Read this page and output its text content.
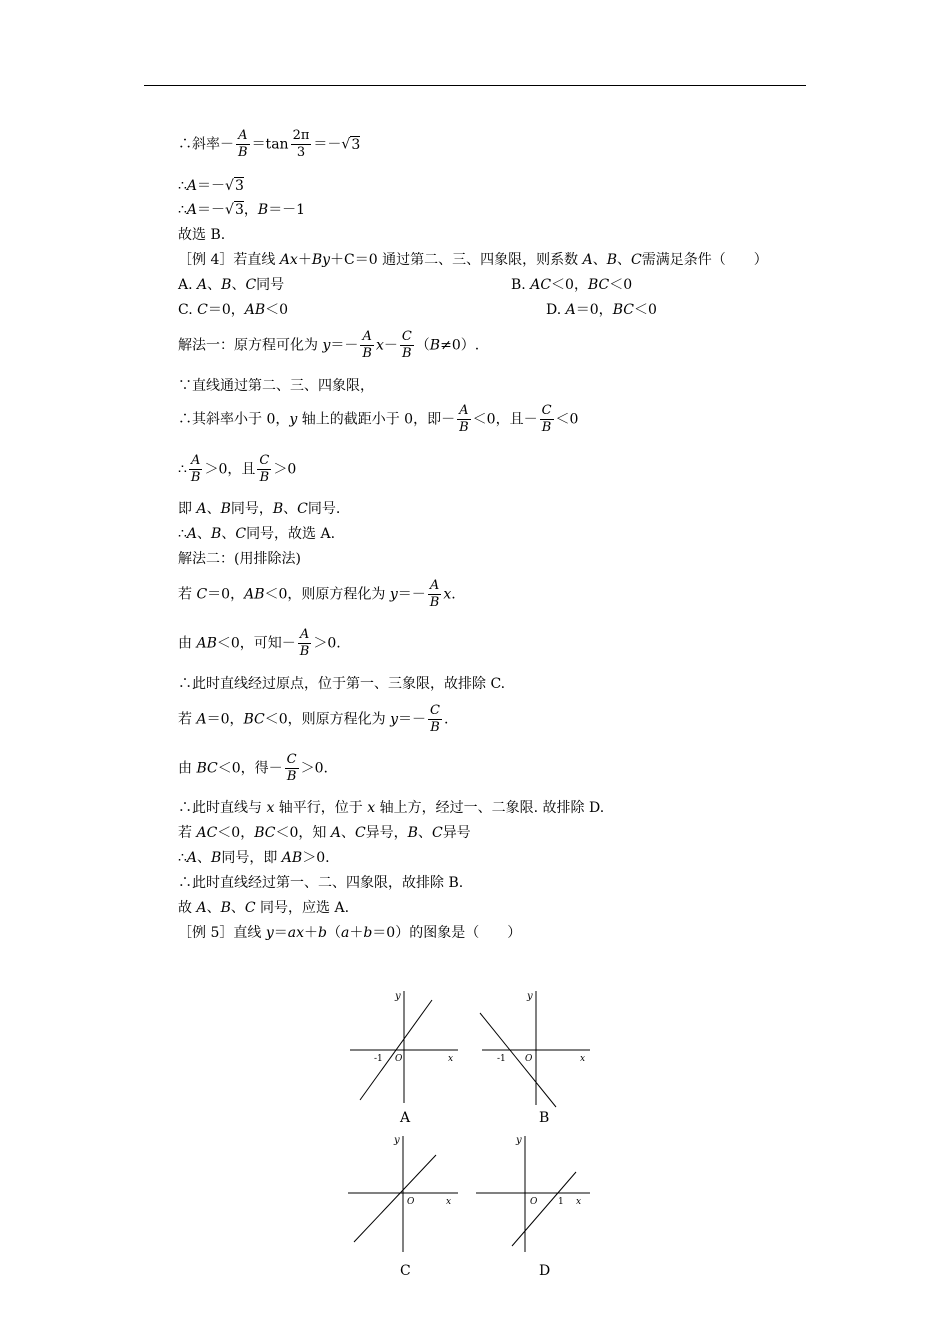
∴斜率－ $\frac{A}{B} =\tan \frac{2\pi}{3} =-√3$
∴A＝－√3
∴A＝－√3，B＝－1
故选 B.
［例 4］若直线 Ax＋By＋C＝0 通过第二、三、四象限，则系数 A、B、C需满足条件（　　）
A. A、B、C同号	B. AC＜0，BC＜0
C. C＝0，AB＜0	D. A＝0，BC＜0
解法一：原方程可化为 $y=- \frac{A}{B} x- \frac{C}{B} (B\ne 0)$.
∵直线通过第二、三、四象限，
∴其斜率小于 0，y 轴上的截距小于 0，即－ $\frac{A}{B} <0$，且－ $\frac{C}{B} <0$
∴ $\frac{A}{B} >0$，且 $\frac{C}{B} >0$
即 A、B同号，B、C同号.
∴A、B、C同号，故选 A.
解法二：(用排除法)
若 C＝0，AB＜0，则原方程化为 $y=- \frac{A}{B} x$.
由 AB＜0，可知－ $\frac{A}{B} >0$.
∴此时直线经过原点，位于第一、三象限，故排除 C.
若 A＝0，BC＜0，则原方程化为 $y=- \frac{C}{B}$ .
由 BC＜0，得－ $\frac{C}{B} >0$.
∴此时直线与 x 轴平行，位于 x 轴上方，经过一、二象限. 故排除 D.
若 AC＜0，BC＜0，知 A、C异号，B、C异号
∴A、B同号，即 AB＞0.
∴此时直线经过第一、二、四象限，故排除 B.
故 A、B、C 同号，应选 A.
［例 5］直线 y＝ax＋b（a＋b＝0）的图象是（　　）
y
x
O
-1
A
y
x
O
-1
B
y
x
O
C
y
x
O 1
D
